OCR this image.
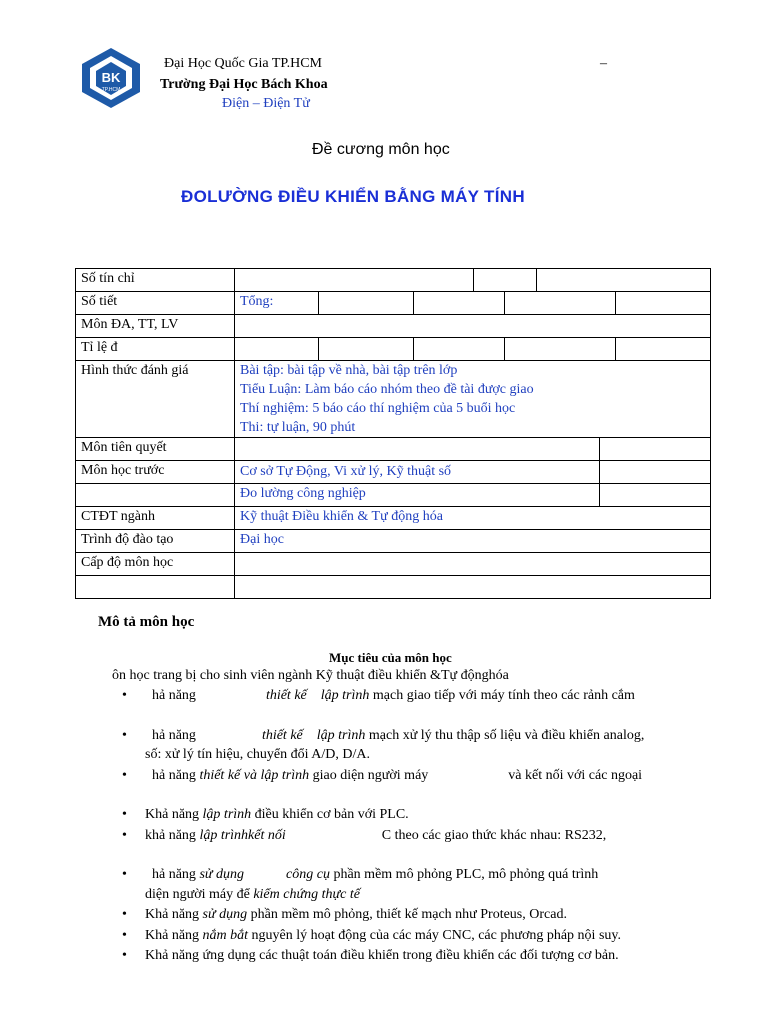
BK
TP.HCM
Đại Học Quốc Gia TP.HCM	–
Trường Đại Học Bách Khoa
Điện – Điện Tử
Đề cương môn học
ĐOLƯỜNG ĐIỀU KHIỂN BẰNG MÁY TÍNH
Số tín chỉ	

Số tiết	Tổng:

Môn ĐA, TT, LV	
Tỉ lệ đ	

Hình thức đánh giá	Bài tập: bài tập về nhà, bài tập trên lớp
Tiểu Luận: Làm báo cáo nhóm theo đề tài được giao
Thí nghiệm: 5 báo cáo thí nghiệm của 5 buổi học
Thi: tự luận, 90 phút

Môn tiên quyết	

Môn học trước	Cơ sở Tự Động, Vi xử lý, Kỹ thuật số

	Đo lường công nghiệp

CTĐT ngành	Kỹ thuật Điều khiển & Tự động hóa
Trình độ đào tạo	Đại học
Cấp độ môn học	

Mô tả môn học
Mục tiêu của môn học
ôn học trang bị cho sinh viên ngành Kỹ thuật điều khiển &Tự độnghóa
• hả năng	thiết kế lập trình mạch giao tiếp với máy tính theo các rảnh cắm
• hả năng	thiết kế lập trình mạch xử lý thu thập số liệu và điều khiển analog,
số: xử lý tín hiệu, chuyển đổi A/D, D/A.
• hả năng thiết kế và lập trình giao diện người máy	và kết nối với các ngoại
• Khả năng lập trình điều khiển cơ bản với PLC.
• khả năng lập trìnhkết nối	C theo các giao thức khác nhau: RS232,
• hả năng sử dụng	công cụ phần mềm mô phỏng PLC, mô phỏng quá trình
diện người máy để kiểm chứng thực tế
• Khả năng sử dụng phần mềm mô phỏng, thiết kế mạch như Proteus, Orcad.
• Khả năng nắm bắt nguyên lý hoạt động của các máy CNC, các phương pháp nội suy.
• Khả năng ứng dụng các thuật toán điều khiển trong điều khiển các đối tượng cơ bản.
